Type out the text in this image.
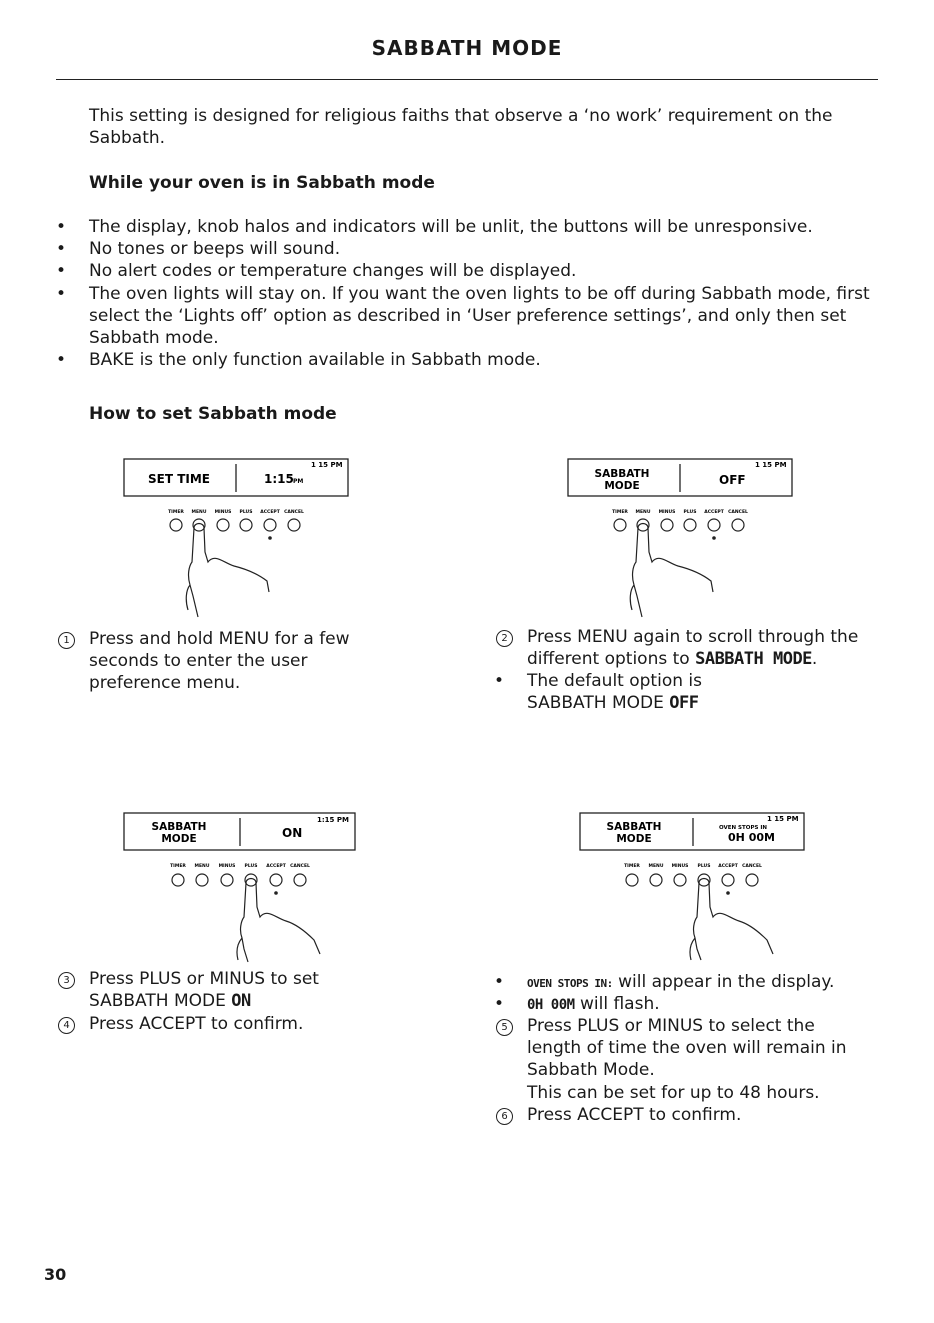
SABBATH MODE
This setting is designed for religious faiths that observe a ‘no work’ requirement on the Sabbath.
While your oven is in Sabbath mode
• The display, knob halos and indicators will be unlit, the buttons will be unresponsive.
• No tones or beeps will sound.
• No alert codes or temperature changes will be displayed.
• The oven lights will stay on. If you want the oven lights to be off during Sabbath mode, first select the ‘Lights off’ option as described in ‘User preference settings’, and only then set Sabbath mode.
• BAKE is the only function available in Sabbath mode.
How to set Sabbath mode
SET TIME	1:15 PM
1 15 PM
TIMER MENU MINUS PLUS ACCEPT CANCEL
SABBATH MODE	OFF
1 15 PM
TIMER MENU MINUS PLUS ACCEPT CANCEL
1	Press and hold MENU for a few seconds to enter the user preference menu.
2	Press MENU again to scroll through the different options to SABBATH MODE.
• The default option is SABBATH MODE OFF
SABBATH MODE	ON
1:15 PM
TIMER MENU MINUS PLUS ACCEPT CANCEL
SABBATH MODE
OVEN STOPS IN
0H 00M
1 15 PM
TIMER MENU MINUS PLUS ACCEPT CANCEL
3	Press PLUS or MINUS to set SABBATH MODE ON
4	Press ACCEPT to confirm.
• OVEN STOPS IN: will appear in the display.
• 0H 00M will flash.
5	Press PLUS or MINUS to select the length of time the oven will remain in Sabbath Mode.
This can be set for up to 48 hours.
6	Press ACCEPT to confirm.
30
